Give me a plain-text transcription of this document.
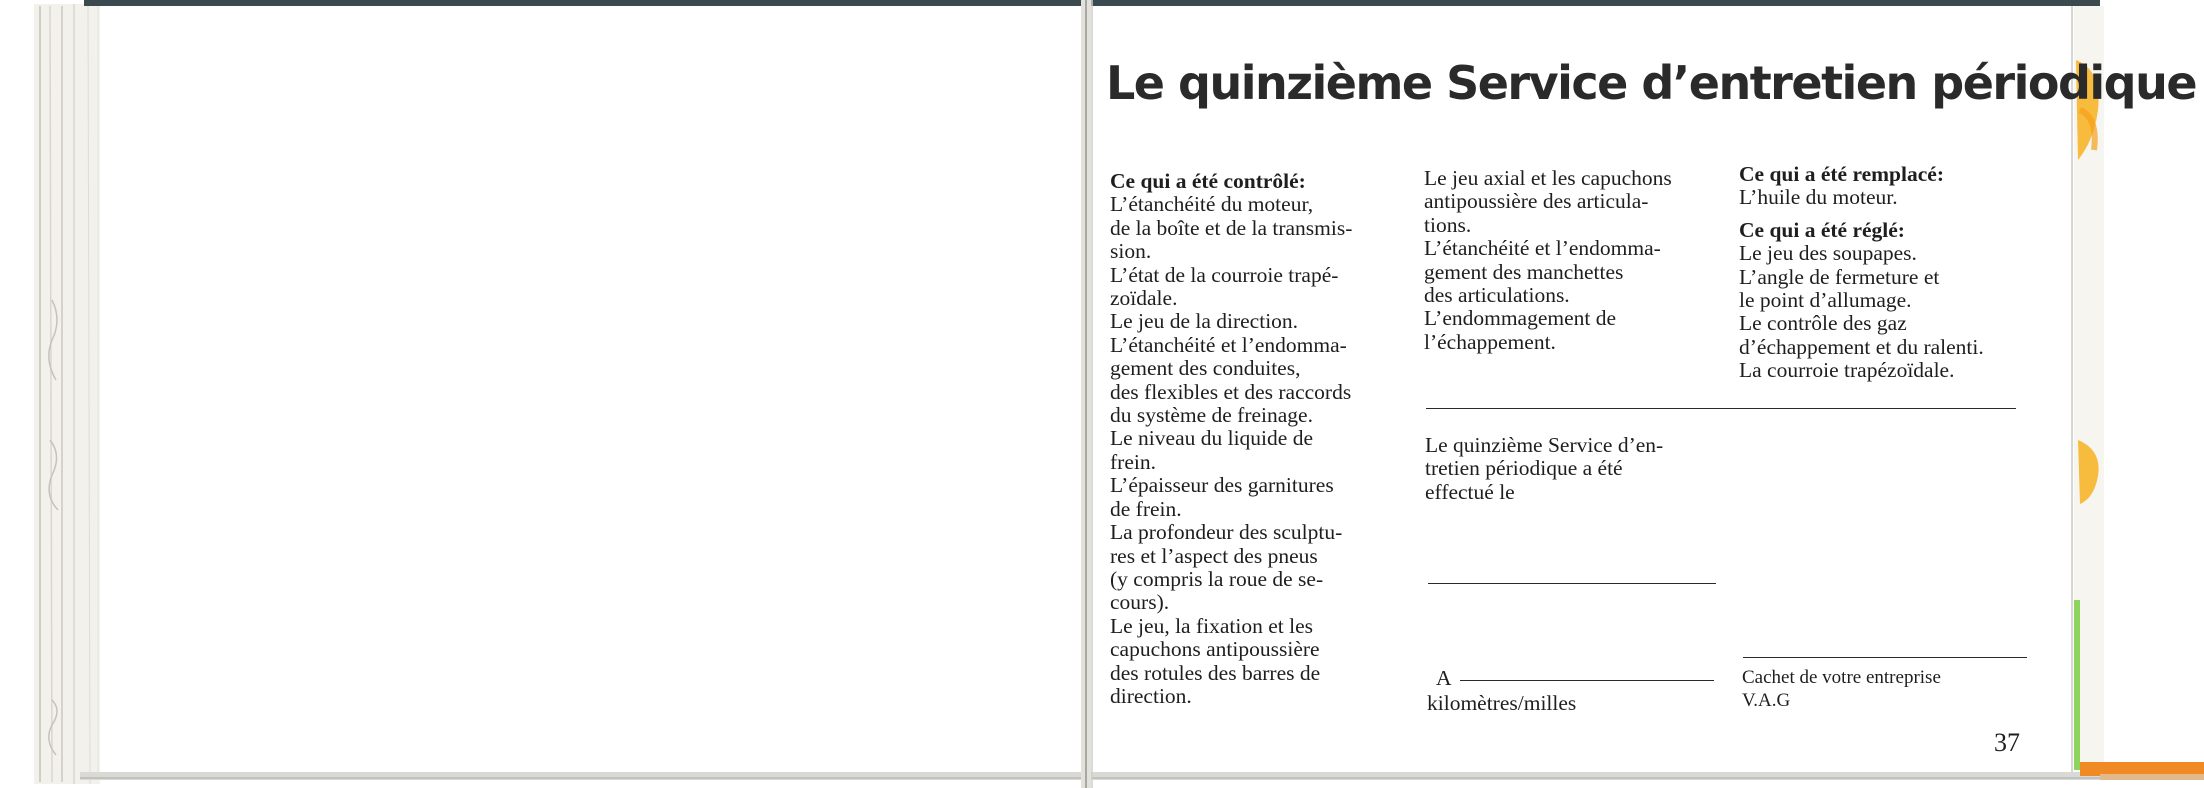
Le quinzième Service d’entretien périodique
Ce qui a été contrôlé:
L’étanchéité du moteur,
de la boîte et de la transmis-
sion.
L’état de la courroie trapé-
zoïdale.
Le jeu de la direction.
L’étanchéité et l’endomma-
gement des conduites,
des flexibles et des raccords
du système de freinage.
Le niveau du liquide de
frein.
L’épaisseur des garnitures
de frein.
La profondeur des sculptu-
res et l’aspect des pneus
(y compris la roue de se-
cours).
Le jeu, la fixation et les
capuchons antipoussière
des rotules des barres de
direction.
Le jeu axial et les capuchons
antipoussière des articula-
tions.
L’étanchéité et l’endomma-
gement des manchettes
des articulations.
L’endommagement de
l’échappement.
Ce qui a été remplacé:
L’huile du moteur.
Ce qui a été réglé:
Le jeu des soupapes.
L’angle de fermeture et
le point d’allumage.
Le contrôle des gaz
d’échappement et du ralenti.
La courroie trapézoïdale.
Le quinzième Service d’en-
tretien périodique a été
effectué le
A
kilomètres/milles
Cachet de votre entreprise
V.A.G
37
